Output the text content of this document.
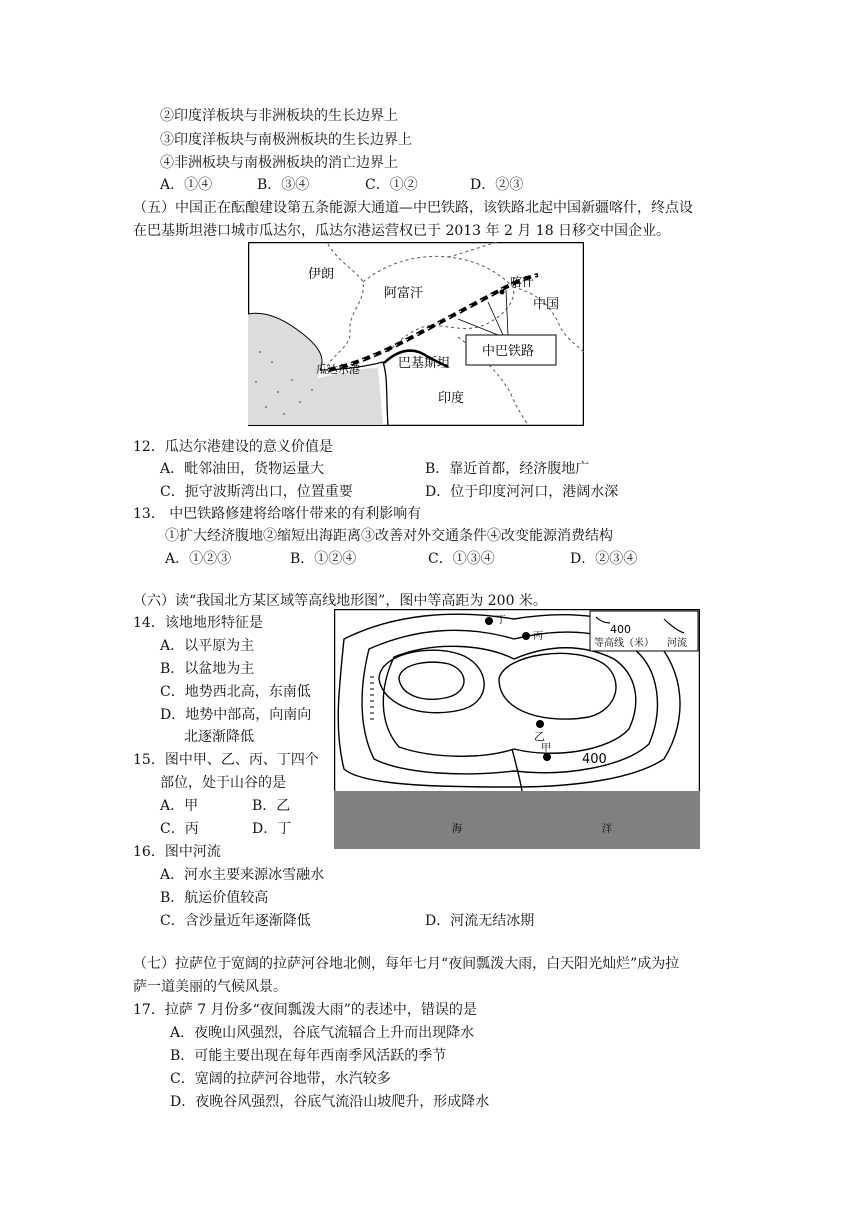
②印度洋板块与非洲板块的生长边界上
③印度洋板块与南极洲板块的生长边界上
④非洲板块与南极洲板块的消亡边界上
A．①④	B．③④	C．①②	D．②③
（五）中国正在酝酿建设第五条能源大通道—中巴铁路，该铁路北起中国新疆喀什，终点设
在巴基斯坦港口城市瓜达尔，瓜达尔港运营权已于 2013 年 2 月 18 日移交中国企业。
伊朗
阿富汗
喀什
中国
中巴铁路
瓜达尔港	巴基斯坦
印度
12．瓜达尔港建设的意义价值是
A．毗邻油田，货物运量大	B．靠近首都，经济腹地广
C．扼守波斯湾出口，位置重要	D．位于印度河河口，港阔水深
13． 中巴铁路修建将给喀什带来的有利影响有
①扩大经济腹地②缩短出海距离③改善对外交通条件④改变能源消费结构
A．①②③	B．①②④	C．①③④	D．②③④
（六）读“我国北方某区域等高线地形图”，图中等高距为 200 米。
400
等高线（米） 河流
丁
丙
乙
甲
400
海	洋
14．该地地形特征是
A．以平原为主
B．以盆地为主
C．地势西北高，东南低
D．地势中部高，向南向
北逐渐降低
15．图中甲、乙、丙、丁四个
部位，处于山谷的是
A．甲	B．乙
C．丙	D．丁
16．图中河流
A．河水主要来源冰雪融水
B．航运价值较高
C．含沙量近年逐渐降低	D．河流无结冰期
（七）拉萨位于宽阔的拉萨河谷地北侧，每年七月“夜间瓢泼大雨，白天阳光灿烂”成为拉
萨一道美丽的气候风景。
17．拉萨 7 月份多“夜间瓢泼大雨”的表述中，错误的是
A．夜晚山风强烈，谷底气流辐合上升而出现降水
B．可能主要出现在每年西南季风活跃的季节
C．宽阔的拉萨河谷地带，水汽较多
D．夜晚谷风强烈，谷底气流沿山坡爬升，形成降水
